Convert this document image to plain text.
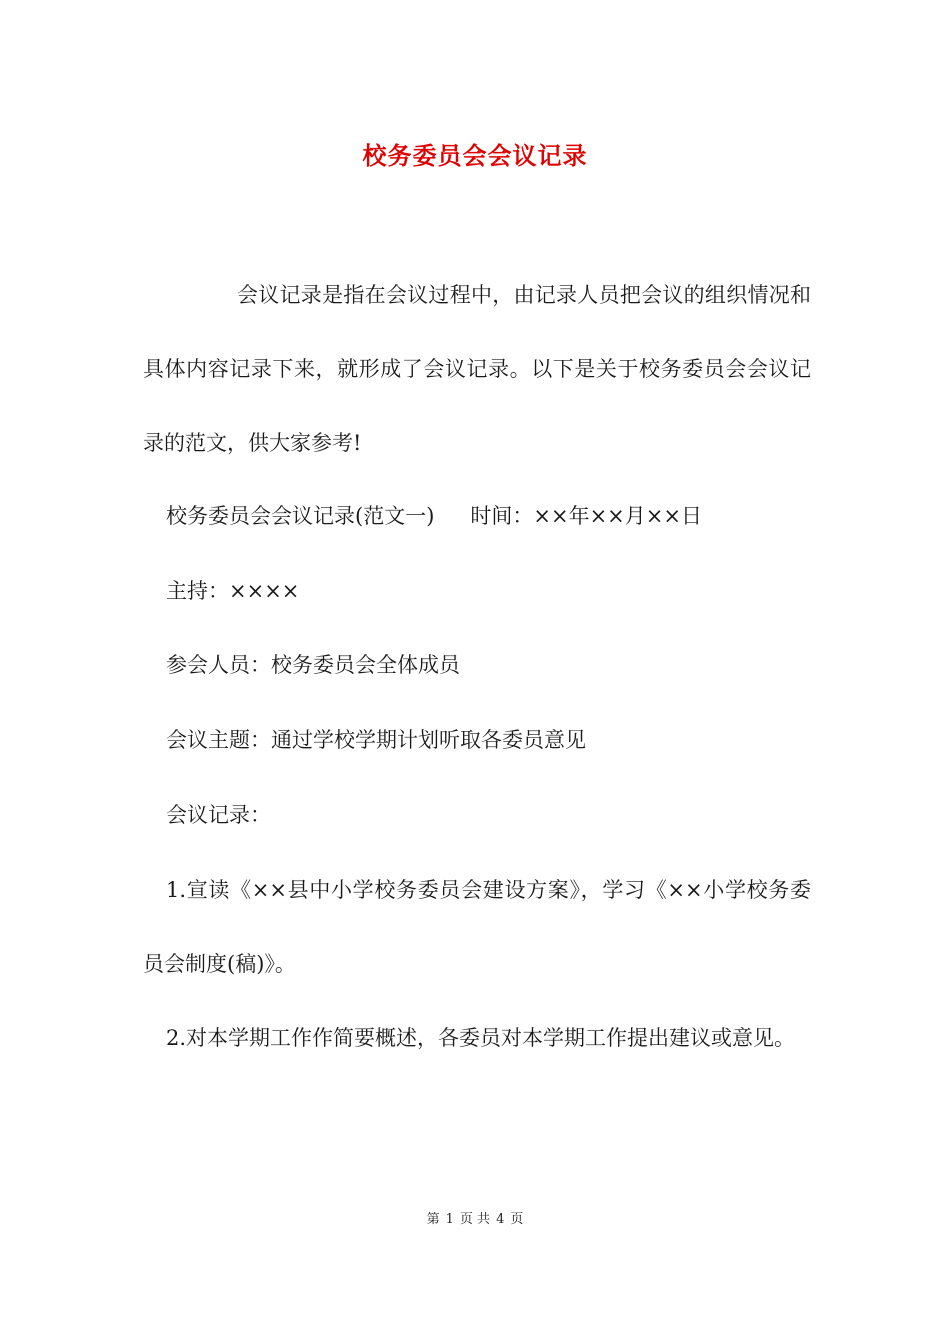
校务委员会会议记录
会议记录是指在会议过程中，由记录人员把会议的组织情况和具体内容记录下来，就形成了会议记录。以下是关于校务委员会会议记录的范文，供大家参考!
校务委员会会议记录(范文一) 时间：××年××月××日
主持：××××
参会人员：校务委员会全体成员
会议主题：通过学校学期计划听取各委员意见
会议记录：
1.宣读《××县中小学校务委员会建设方案》，学习《××小学校务委员会制度(稿)》。
2.对本学期工作作简要概述，各委员对本学期工作提出建议或意见。
第 1 页 共 4 页
